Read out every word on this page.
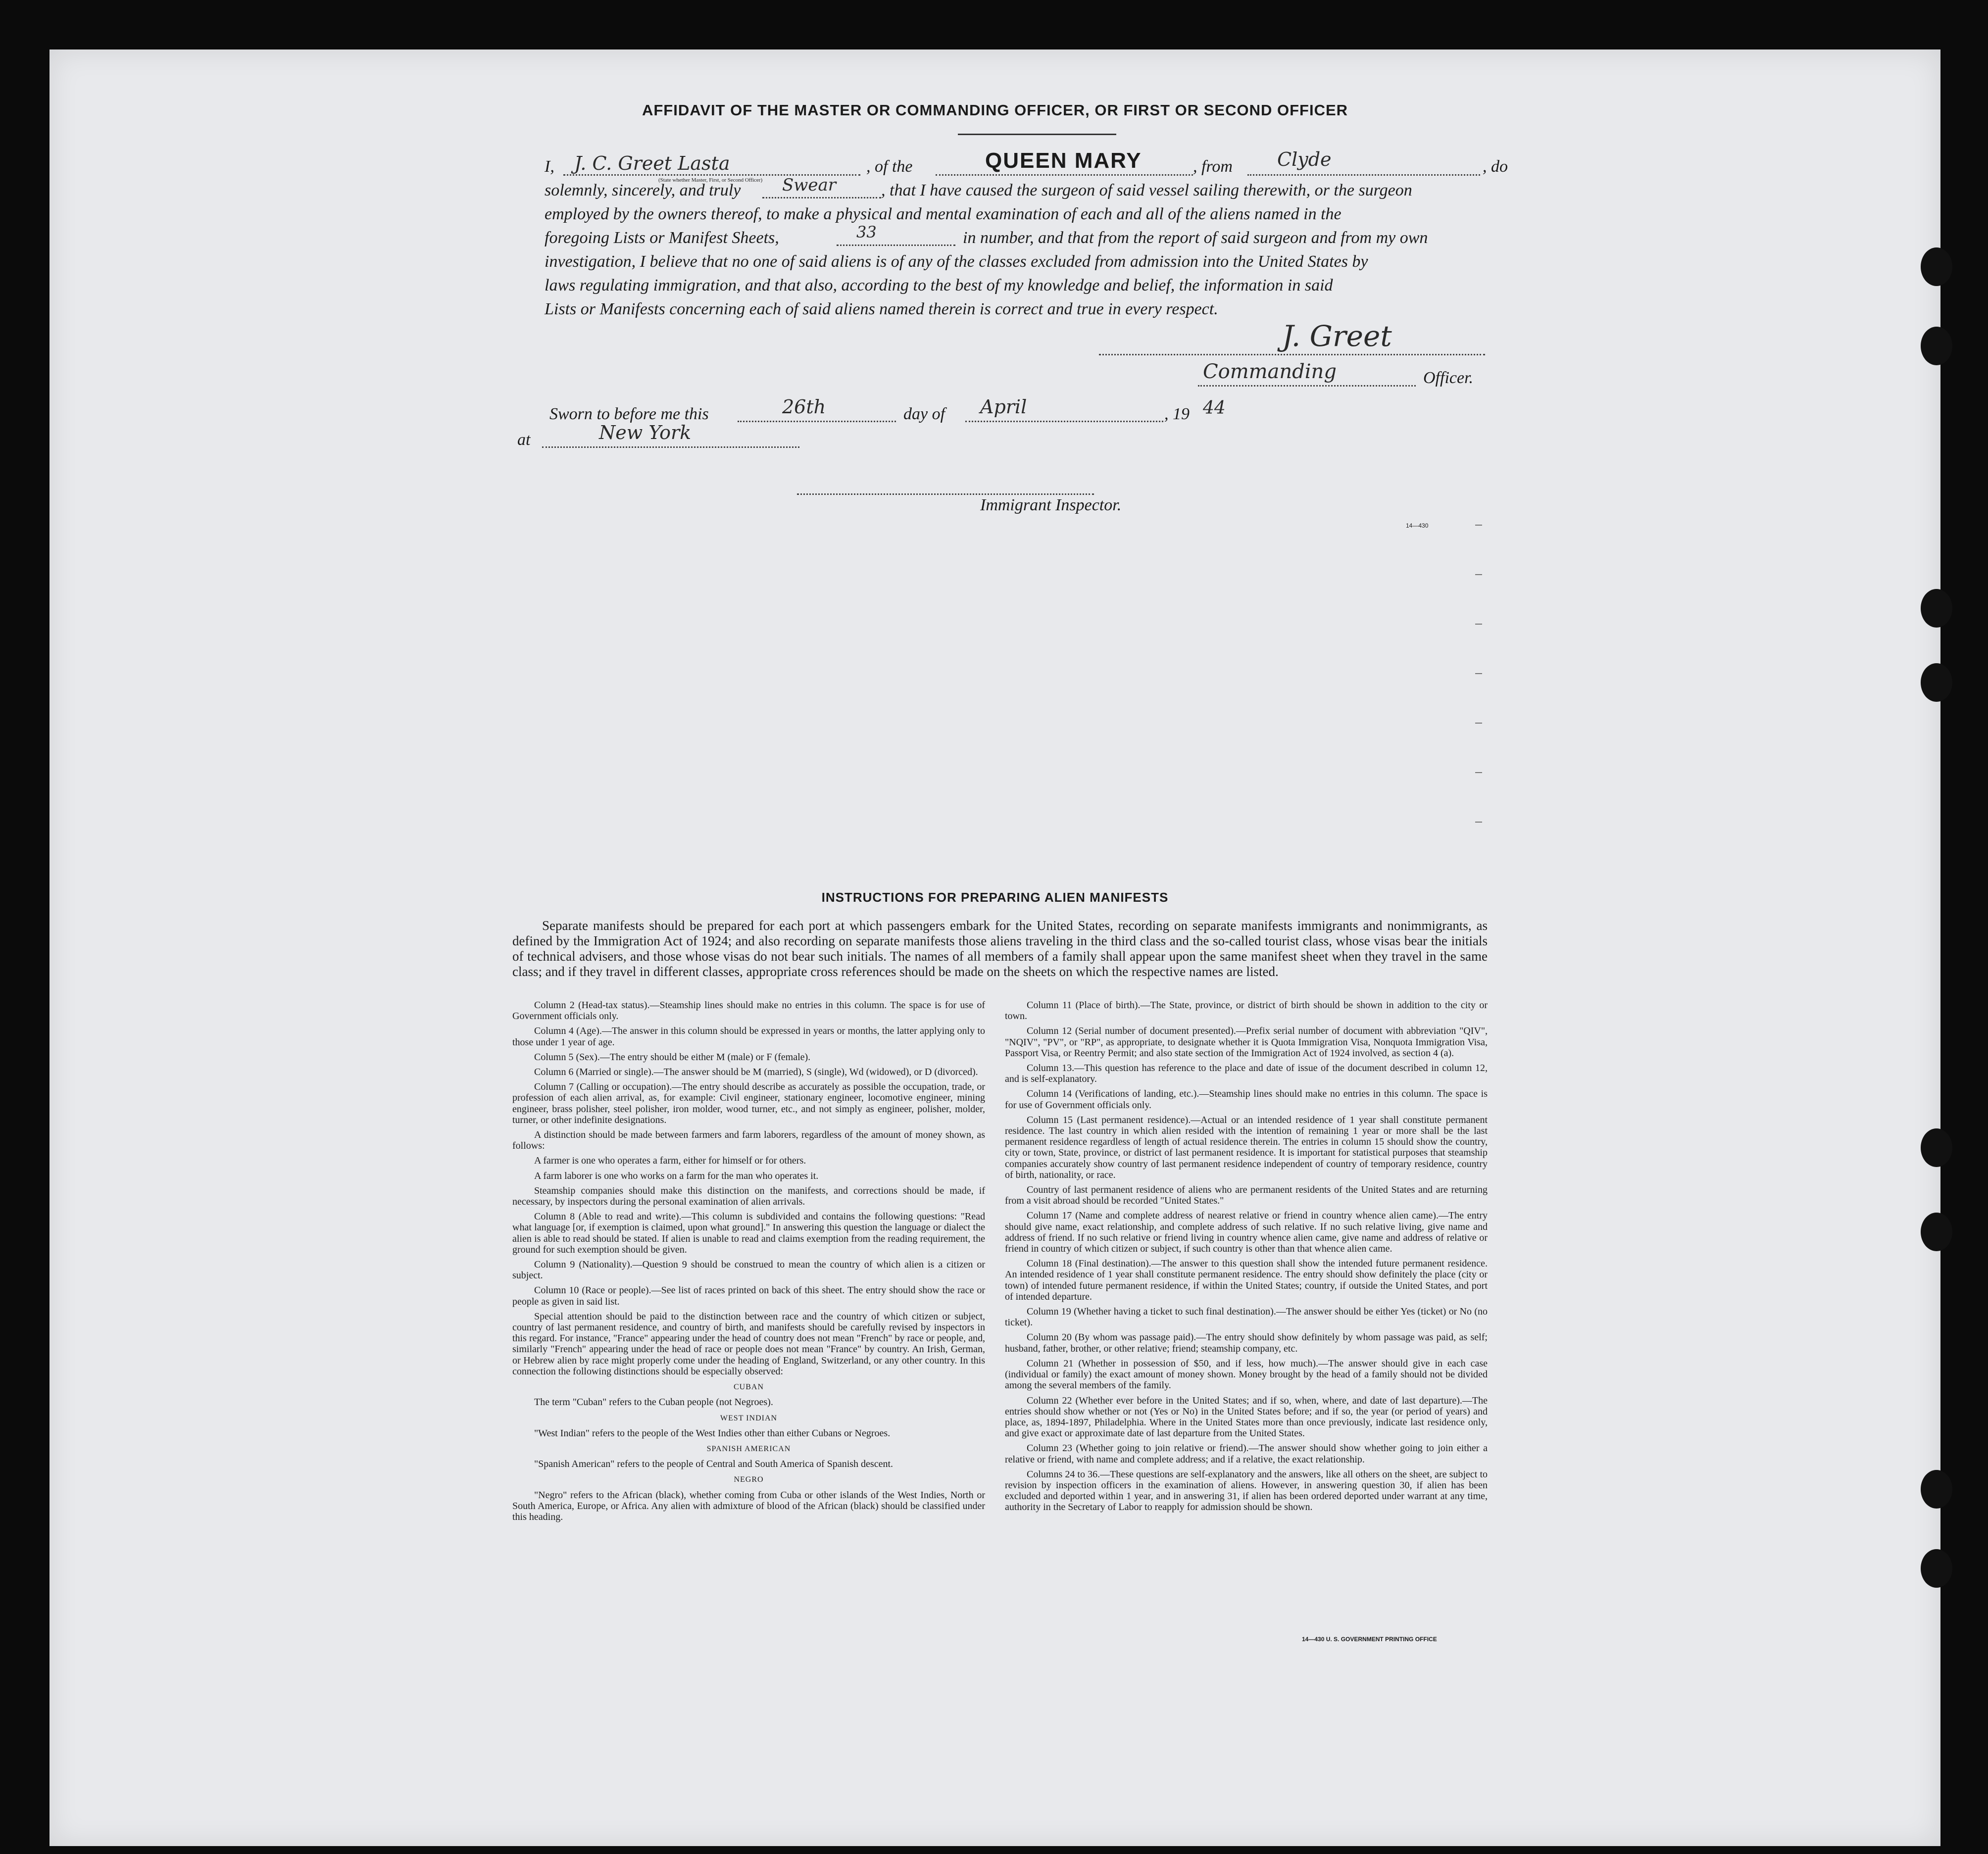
AFFIDAVIT OF THE MASTER OR COMMANDING OFFICER, OR FIRST OR SECOND OFFICER
I, J. C. Greet Lasta	, of the	QUEEN MARY	, from Clyde	, do
(State whether Master, First, or Second Officer)
solemnly, sincerely, and truly Swear	, that I have caused the surgeon of said vessel sailing therewith, or the surgeon
employed by the owners thereof, to make a physical and mental examination of each and all of the aliens named in the
foregoing Lists or Manifest Sheets,	33	in number, and that from the report of said surgeon and from my own
investigation, I believe that no one of said aliens is of any of the classes excluded from admission into the United States by
laws regulating immigration, and that also, according to the best of my knowledge and belief, the information in said
Lists or Manifests concerning each of said aliens named therein is correct and true in every respect.
J. Greet
Commanding	Officer.
Sworn to before me this	26th	day of April	, 19 44
at	New York
Immigrant Inspector.
14—430
INSTRUCTIONS FOR PREPARING ALIEN MANIFESTS

Separate manifests should be prepared for each port at which passengers embark for the United States, recording on separate manifests immigrants and nonimmigrants, as defined by the Immigration Act of 1924; and also recording on separate manifests those aliens traveling in the third class and the so-called tourist class, whose visas bear the initials of technical advisers, and those whose visas do not bear such initials. The names of all members of a family shall appear upon the same manifest sheet when they travel in the same class; and if they travel in different classes, appropriate cross references should be made on the sheets on which the respective names are listed.

Column 2 (Head-tax status).—Steamship lines should make no entries in this column. The space is for use of Government officials only.

Column 4 (Age).—The answer in this column should be expressed in years or months, the latter applying only to those under 1 year of age.

Column 5 (Sex).—The entry should be either M (male) or F (female).

Column 6 (Married or single).—The answer should be M (married), S (single), Wd (widowed), or D (divorced).

Column 7 (Calling or occupation).—The entry should describe as accurately as possible the occupation, trade, or profession of each alien arrival, as, for example: Civil engineer, stationary engineer, locomotive engineer, mining engineer, brass polisher, steel polisher, iron molder, wood turner, etc., and not simply as engineer, polisher, molder, turner, or other indefinite designations.

A distinction should be made between farmers and farm laborers, regardless of the amount of money shown, as follows:

A farmer is one who operates a farm, either for himself or for others.

A farm laborer is one who works on a farm for the man who operates it.

Steamship companies should make this distinction on the manifests, and corrections should be made, if necessary, by inspectors during the personal examination of alien arrivals.

Column 8 (Able to read and write).—This column is subdivided and contains the following questions: "Read what language [or, if exemption is claimed, upon what ground]." In answering this question the language or dialect the alien is able to read should be stated. If alien is unable to read and claims exemption from the reading requirement, the ground for such exemption should be given.

Column 9 (Nationality).—Question 9 should be construed to mean the country of which alien is a citizen or subject.

Column 10 (Race or people).—See list of races printed on back of this sheet. The entry should show the race or people as given in said list.

Special attention should be paid to the distinction between race and the country of which citizen or subject, country of last permanent residence, and country of birth, and manifests should be carefully revised by inspectors in this regard. For instance, "France" appearing under the head of country does not mean "French" by race or people, and, similarly "French" appearing under the head of race or people does not mean "France" by country. An Irish, German, or Hebrew alien by race might properly come under the heading of England, Switzerland, or any other country. In this connection the following distinctions should be especially observed:

CUBAN

The term "Cuban" refers to the Cuban people (not Negroes).

WEST INDIAN

"West Indian" refers to the people of the West Indies other than either Cubans or Negroes.

SPANISH AMERICAN

"Spanish American" refers to the people of Central and South America of Spanish descent.

NEGRO

"Negro" refers to the African (black), whether coming from Cuba or other islands of the West Indies, North or South America, Europe, or Africa. Any alien with admixture of blood of the African (black) should be classified under this heading.

Column 11 (Place of birth).—The State, province, or district of birth should be shown in addition to the city or town.

Column 12 (Serial number of document presented).—Prefix serial number of document with abbreviation "QIV", "NQIV", "PV", or "RP", as appropriate, to designate whether it is Quota Immigration Visa, Nonquota Immigration Visa, Passport Visa, or Reentry Permit; and also state section of the Immigration Act of 1924 involved, as section 4 (a).

Column 13.—This question has reference to the place and date of issue of the document described in column 12, and is self-explanatory.

Column 14 (Verifications of landing, etc.).—Steamship lines should make no entries in this column. The space is for use of Government officials only.

Column 15 (Last permanent residence).—Actual or an intended residence of 1 year shall constitute permanent residence. The last country in which alien resided with the intention of remaining 1 year or more shall be the last permanent residence regardless of length of actual residence therein. The entries in column 15 should show the country, city or town, State, province, or district of last permanent residence. It is important for statistical purposes that steamship companies accurately show country of last permanent residence independent of country of temporary residence, country of birth, nationality, or race.

Country of last permanent residence of aliens who are permanent residents of the United States and are returning from a visit abroad should be recorded "United States."

Column 17 (Name and complete address of nearest relative or friend in country whence alien came).—The entry should give name, exact relationship, and complete address of such relative. If no such relative living, give name and address of friend. If no such relative or friend living in country whence alien came, give name and address of relative or friend in country of which citizen or subject, if such country is other than that whence alien came.

Column 18 (Final destination).—The answer to this question shall show the intended future permanent residence. An intended residence of 1 year shall constitute permanent residence. The entry should show definitely the place (city or town) of intended future permanent residence, if within the United States; country, if outside the United States, and port of intended departure.

Column 19 (Whether having a ticket to such final destination).—The answer should be either Yes (ticket) or No (no ticket).

Column 20 (By whom was passage paid).—The entry should show definitely by whom passage was paid, as self; husband, father, brother, or other relative; friend; steamship company, etc.

Column 21 (Whether in possession of $50, and if less, how much).—The answer should give in each case (individual or family) the exact amount of money shown. Money brought by the head of a family should not be divided among the several members of the family.

Column 22 (Whether ever before in the United States; and if so, when, where, and date of last departure).—The entries should show whether or not (Yes or No) in the United States before; and if so, the year (or period of years) and place, as, 1894-1897, Philadelphia. Where in the United States more than once previously, indicate last residence only, and give exact or approximate date of last departure from the United States.

Column 23 (Whether going to join relative or friend).—The answer should show whether going to join either a relative or friend, with name and complete address; and if a relative, the exact relationship.

Columns 24 to 36.—These questions are self-explanatory and the answers, like all others on the sheet, are subject to revision by inspection officers in the examination of aliens. However, in answering question 30, if alien has been excluded and deported within 1 year, and in answering 31, if alien has been ordered deported under warrant at any time, authority in the Secretary of Labor to reapply for admission should be shown.

14—430 U. S. GOVERNMENT PRINTING OFFICE
